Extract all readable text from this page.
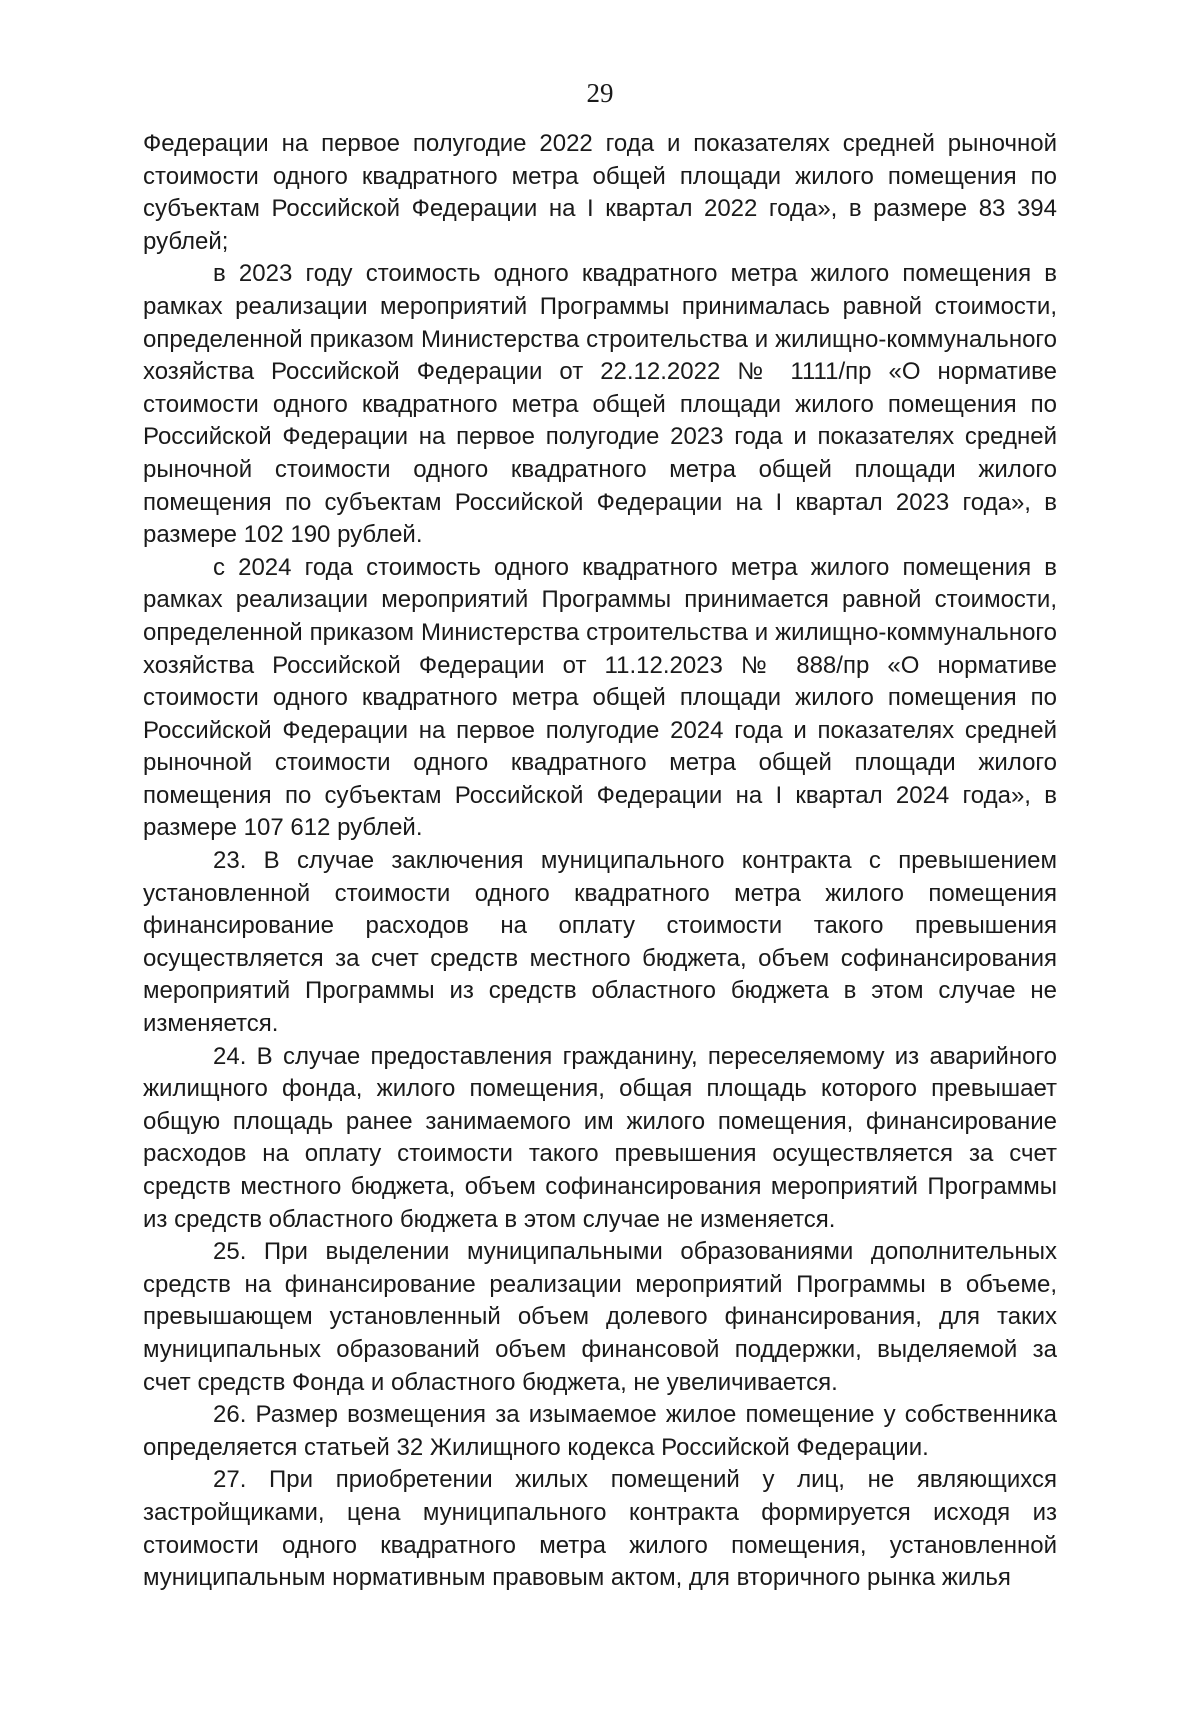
29

Федерации на первое полугодие 2022 года и показателях средней рыночной стоимости одного квадратного метра общей площади жилого помещения по субъектам Российской Федерации на I квартал 2022 года», в размере 83 394 рублей;

в 2023 году стоимость одного квадратного метра жилого помещения в рамках реализации мероприятий Программы принималась равной стоимости, определенной приказом Министерства строительства и жилищно-коммунального хозяйства Российской Федерации от 22.12.2022 № 1111/пр «О нормативе стоимости одного квадратного метра общей площади жилого помещения по Российской Федерации на первое полугодие 2023 года и показателях средней рыночной стоимости одного квадратного метра общей площади жилого помещения по субъектам Российской Федерации на I квартал 2023 года», в размере 102 190 рублей.

с 2024 года стоимость одного квадратного метра жилого помещения в рамках реализации мероприятий Программы принимается равной стоимости, определенной приказом Министерства строительства и жилищно-коммунального хозяйства Российской Федерации от 11.12.2023 № 888/пр «О нормативе стоимости одного квадратного метра общей площади жилого помещения по Российской Федерации на первое полугодие 2024 года и показателях средней рыночной стоимости одного квадратного метра общей площади жилого помещения по субъектам Российской Федерации на I квартал 2024 года», в размере 107 612 рублей.

23. В случае заключения муниципального контракта с превышением установленной стоимости одного квадратного метра жилого помещения финансирование расходов на оплату стоимости такого превышения осуществляется за счет средств местного бюджета, объем софинансирования мероприятий Программы из средств областного бюджета в этом случае не изменяется.

24. В случае предоставления гражданину, переселяемому из аварийного жилищного фонда, жилого помещения, общая площадь которого превышает общую площадь ранее занимаемого им жилого помещения, финансирование расходов на оплату стоимости такого превышения осуществляется за счет средств местного бюджета, объем софинансирования мероприятий Программы из средств областного бюджета в этом случае не изменяется.

25. При выделении муниципальными образованиями дополнительных средств на финансирование реализации мероприятий Программы в объеме, превышающем установленный объем долевого финансирования, для таких муниципальных образований объем финансовой поддержки, выделяемой за счет средств Фонда и областного бюджета, не увеличивается.

26. Размер возмещения за изымаемое жилое помещение у собственника определяется статьей 32 Жилищного кодекса Российской Федерации.

27. При приобретении жилых помещений у лиц, не являющихся застройщиками, цена муниципального контракта формируется исходя из стоимости одного квадратного метра жилого помещения, установленной муниципальным нормативным правовым актом, для вторичного рынка жилья
